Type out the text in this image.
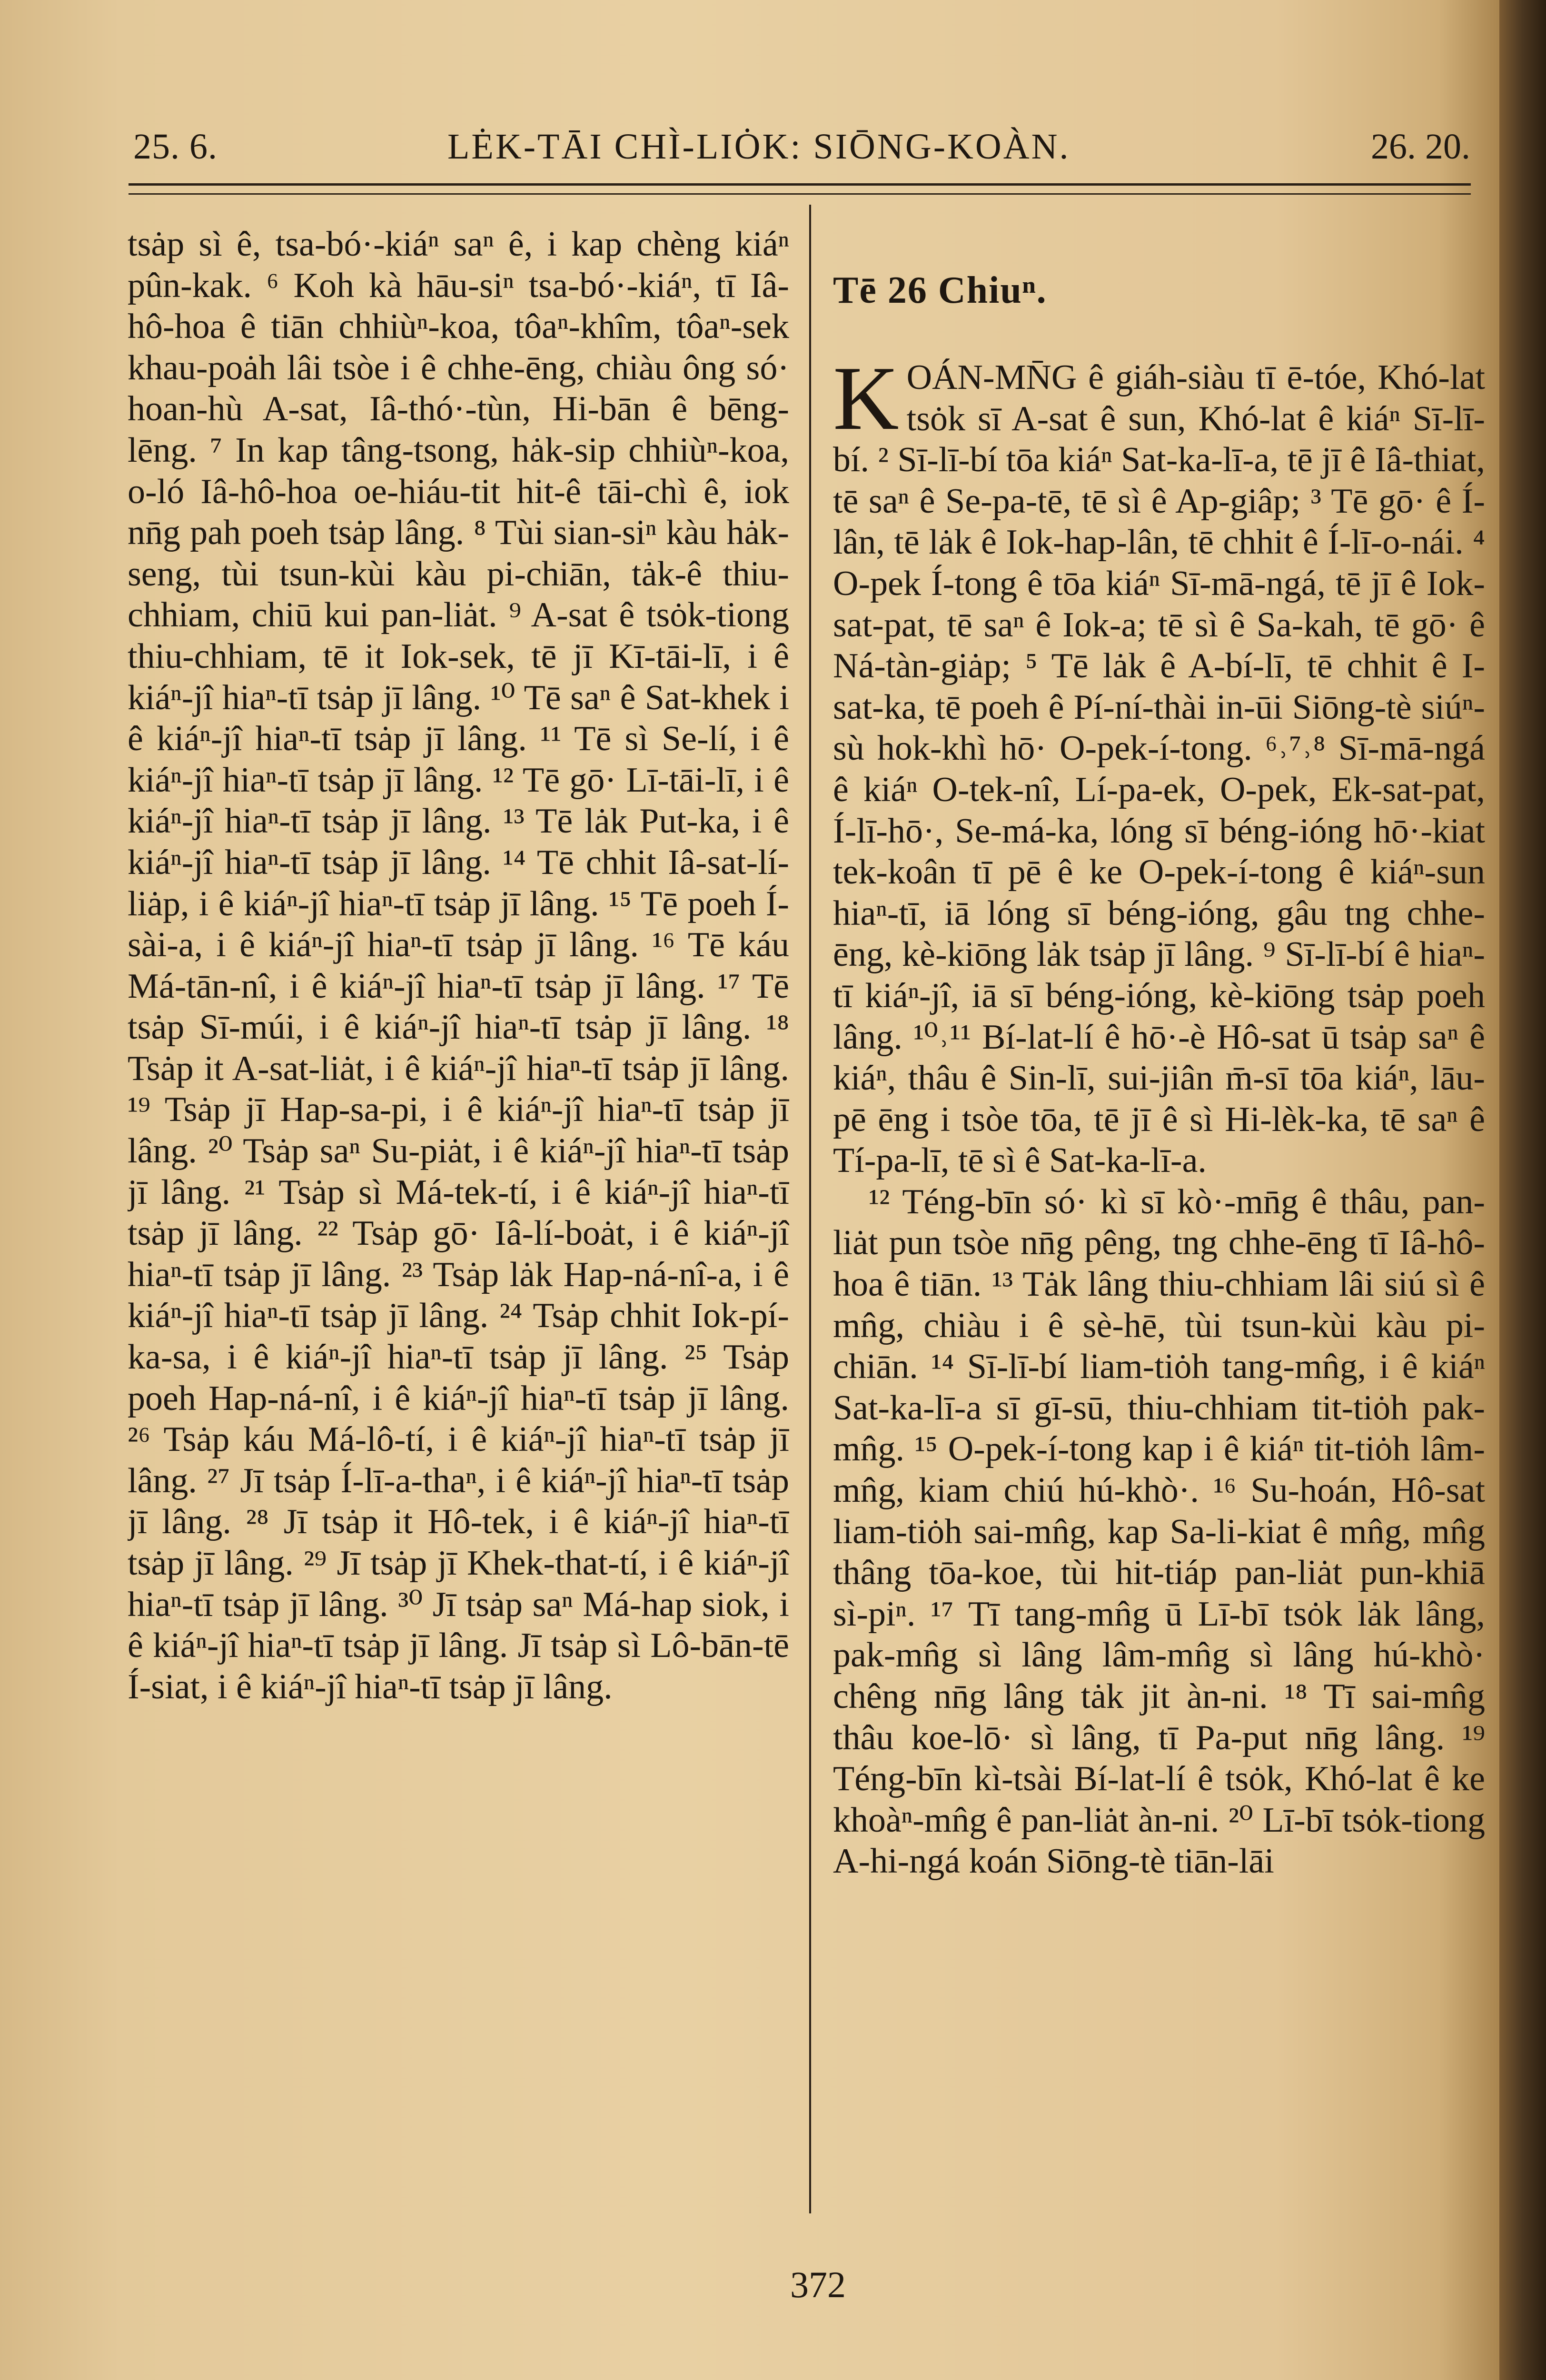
25. 6.	LĖK-TĀI CHÌ-LIȮK: SIŌNG-KOÀN.	26. 20.

tsȧp sì ê, tsa-bó·-kiáⁿ saⁿ ê, i kap chèng kiáⁿ pûn-kak. ⁶ Koh kà hāu-siⁿ tsa-bó·-kiáⁿ, tī Iâ-hô-hoa ê tiān chhiùⁿ-koa, tôaⁿ-khîm, tôaⁿ-sek khau-poȧh lâi tsòe i ê chhe-ēng, chiàu ông só· hoan-hù A-sat, Iâ-thó·-tùn, Hi-bān ê bēng-lēng. ⁷ In kap tâng-tsong, hȧk-sip chhiùⁿ-koa, o-ló Iâ-hô-hoa oe-hiáu-tit hit-ê tāi-chì ê, iok nn̄g pah poeh tsȧp lâng. ⁸ Tùi sian-siⁿ kàu hȧk-seng, tùi tsun-kùi kàu pi-chiān, tȧk-ê thiu-chhiam, chiū kui pan-liȧt. ⁹ A-sat ê tsȯk-tiong thiu-chhiam, tē it Iok-sek, tē jī Kī-tāi-lī, i ê kiáⁿ-jî hiaⁿ-tī tsȧp jī lâng. ¹⁰ Tē saⁿ ê Sat-khek i ê kiáⁿ-jî hiaⁿ-tī tsȧp jī lâng. ¹¹ Tē sì Se-lí, i ê kiáⁿ-jî hiaⁿ-tī tsȧp jī lâng. ¹² Tē gō· Lī-tāi-lī, i ê kiáⁿ-jî hiaⁿ-tī tsȧp jī lâng. ¹³ Tē lȧk Put-ka, i ê kiáⁿ-jî hiaⁿ-tī tsȧp jī lâng. ¹⁴ Tē chhit Iâ-sat-lí-liȧp, i ê kiáⁿ-jî hiaⁿ-tī tsȧp jī lâng. ¹⁵ Tē poeh Í-sài-a, i ê kiáⁿ-jî hiaⁿ-tī tsȧp jī lâng. ¹⁶ Tē káu Má-tān-nî, i ê kiáⁿ-jî hiaⁿ-tī tsȧp jī lâng. ¹⁷ Tē tsȧp Sī-múi, i ê kiáⁿ-jî hiaⁿ-tī tsȧp jī lâng. ¹⁸ Tsȧp it A-sat-liȧt, i ê kiáⁿ-jî hiaⁿ-tī tsȧp jī lâng. ¹⁹ Tsȧp jī Hap-sa-pi, i ê kiáⁿ-jî hiaⁿ-tī tsȧp jī lâng. ²⁰ Tsȧp saⁿ Su-piȧt, i ê kiáⁿ-jî hiaⁿ-tī tsȧp jī lâng. ²¹ Tsȧp sì Má-tek-tí, i ê kiáⁿ-jî hiaⁿ-tī tsȧp jī lâng. ²² Tsȧp gō· Iâ-lí-boȧt, i ê kiáⁿ-jî hiaⁿ-tī tsȧp jī lâng. ²³ Tsȧp lȧk Hap-ná-nî-a, i ê kiáⁿ-jî hiaⁿ-tī tsȧp jī lâng. ²⁴ Tsȧp chhit Iok-pí-ka-sa, i ê kiáⁿ-jî hiaⁿ-tī tsȧp jī lâng. ²⁵ Tsȧp poeh Hap-ná-nî, i ê kiáⁿ-jî hiaⁿ-tī tsȧp jī lâng. ²⁶ Tsȧp káu Má-lô-tí, i ê kiáⁿ-jî hiaⁿ-tī tsȧp jī lâng. ²⁷ Jī tsȧp Í-lī-a-thaⁿ, i ê kiáⁿ-jî hiaⁿ-tī tsȧp jī lâng. ²⁸ Jī tsȧp it Hô-tek, i ê kiáⁿ-jî hiaⁿ-tī tsȧp jī lâng. ²⁹ Jī tsȧp jī Khek-that-tí, i ê kiáⁿ-jî hiaⁿ-tī tsȧp jī lâng. ³⁰ Jī tsȧp saⁿ Má-hap siok, i ê kiáⁿ-jî hiaⁿ-tī tsȧp jī lâng. Jī tsȧp sì Lô-bān-tē Í-siat, i ê kiáⁿ-jî hiaⁿ-tī tsȧp jī lâng.

Tē 26 Chiuⁿ.

KOÁN-MN̄G ê giáh-siàu tī ē-tóe, Khó-lat tsȯk sī A-sat ê sun, Khó-lat ê kiáⁿ Sī-lī-bí. ² Sī-lī-bí tōa kiáⁿ Sat-ka-lī-a, tē jī ê Iâ-thiat, tē saⁿ ê Se-pa-tē, tē sì ê Ap-giâp; ³ Tē gō· ê Í-lân, tē lȧk ê Iok-hap-lân, tē chhit ê Í-lī-o-nái. ⁴ O-pek Í-tong ê tōa kiáⁿ Sī-mā-ngá, tē jī ê Iok-sat-pat, tē saⁿ ê Iok-a; tē sì ê Sa-kah, tē gō· ê Ná-tàn-giȧp; ⁵ Tē lȧk ê A-bí-lī, tē chhit ê I-sat-ka, tē poeh ê Pí-ní-thài in-ūi Siōng-tè siúⁿ-sù hok-khì hō· O-pek-í-tong. ⁶˒⁷˒⁸ Sī-mā-ngá ê kiáⁿ O-tek-nî, Lí-pa-ek, O-pek, Ek-sat-pat, Í-lī-hō·, Se-má-ka, lóng sī béng-ióng hō·-kiat tek-koân tī pē ê ke O-pek-í-tong ê kiáⁿ-sun hiaⁿ-tī, iā lóng sī béng-ióng, gâu tng chhe-ēng, kè-kiōng lȧk tsȧp jī lâng. ⁹ Sī-lī-bí ê hiaⁿ-tī kiáⁿ-jî, iā sī béng-ióng, kè-kiōng tsȧp poeh lâng. ¹⁰˒¹¹ Bí-lat-lí ê hō·-è Hô-sat ū tsȧp saⁿ ê kiáⁿ, thâu ê Sin-lī, sui-jiân m̄-sī tōa kiáⁿ, lāu-pē ēng i tsòe tōa, tē jī ê sì Hi-lèk-ka, tē saⁿ ê Tí-pa-lī, tē sì ê Sat-ka-lī-a.

¹² Téng-bīn só· kì sī kò·-mn̄g ê thâu, pan-liȧt pun tsòe nn̄g pêng, tng chhe-ēng tī Iâ-hô-hoa ê tiān. ¹³ Tȧk lâng thiu-chhiam lâi siú sì ê mn̂g, chiàu i ê sè-hē, tùi tsun-kùi kàu pi-chiān. ¹⁴ Sī-lī-bí liam-tiȯh tang-mn̂g, i ê kiáⁿ Sat-ka-lī-a sī gī-sū, thiu-chhiam tit-tiȯh pak-mn̂g. ¹⁵ O-pek-í-tong kap i ê kiáⁿ tit-tiȯh lâm-mn̂g, kiam chiú hú-khò·. ¹⁶ Su-hoán, Hô-sat liam-tiȯh sai-mn̂g, kap Sa-li-kiat ê mn̂g, mn̂g thâng tōa-koe, tùi hit-tiáp pan-liȧt pun-khiā sì-piⁿ. ¹⁷ Tī tang-mn̂g ū Lī-bī tsȯk lȧk lâng, pak-mn̂g sì lâng lâm-mn̂g sì lâng hú-khò· chêng nn̄g lâng tȧk jit àn-ni. ¹⁸ Tī sai-mn̂g thâu koe-lō· sì lâng, tī Pa-put nn̄g lâng. ¹⁹ Téng-bīn kì-tsài Bí-lat-lí ê tsȯk, Khó-lat ê ke khoàⁿ-mn̂g ê pan-liȧt àn-ni. ²⁰ Lī-bī tsȯk-tiong A-hi-ngá koán Siōng-tè tiān-lāi

372
